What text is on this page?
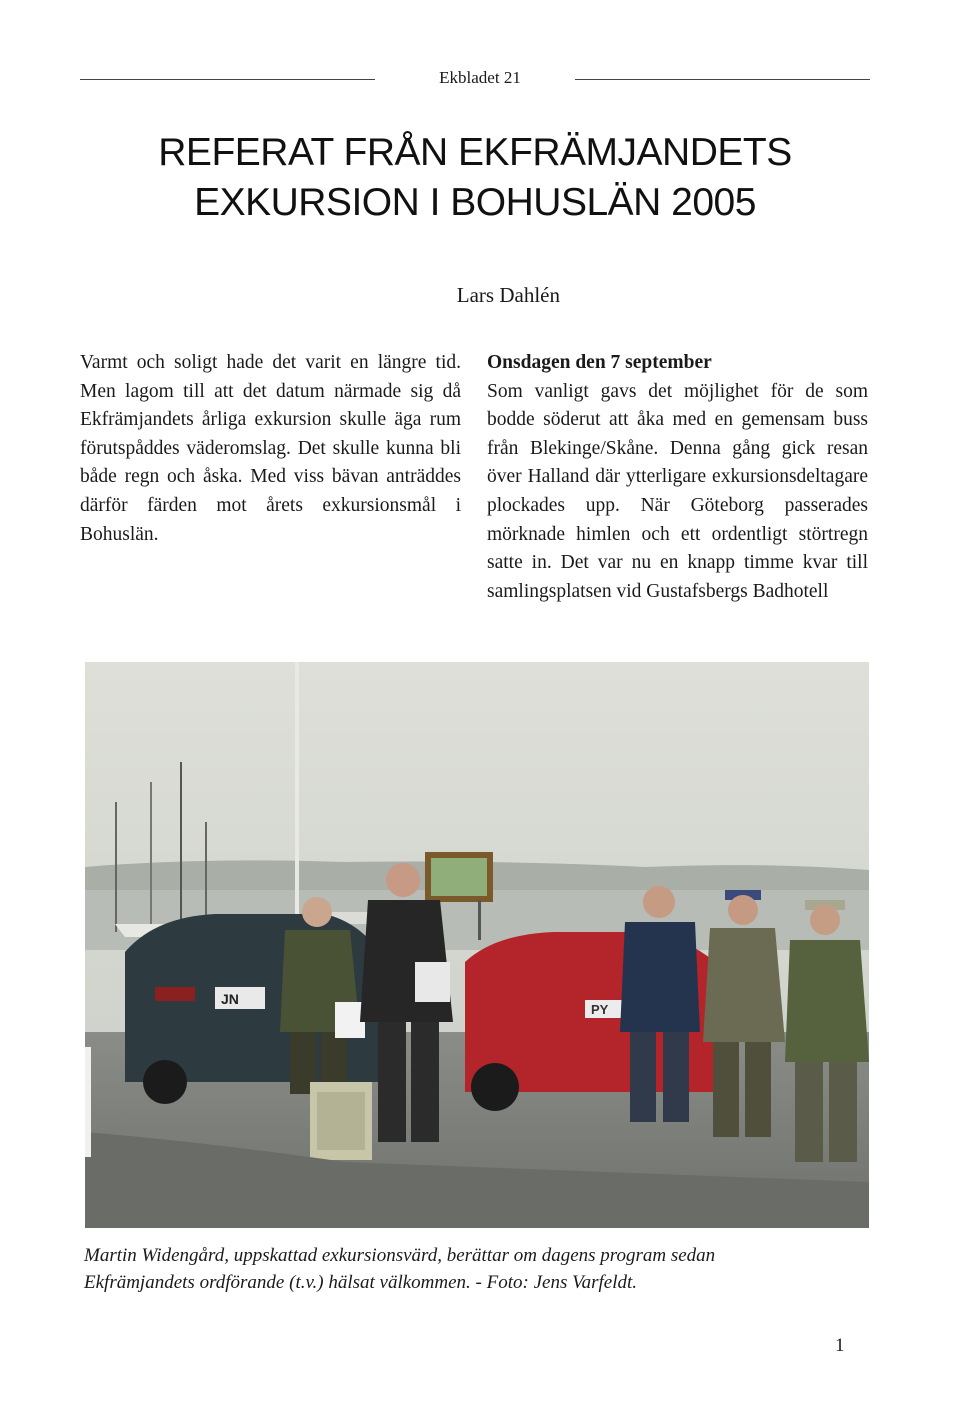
Ekbladet 21
REFERAT FRÅN EKFRÄMJANDETS
EXKURSION I BOHUSLÄN 2005
Lars Dahlén

Varmt och soligt hade det varit en längre tid. Men lagom till att det datum närmade sig då Ekfrämjandets årliga exkursion skulle äga rum förutspåddes väderomslag. Det skulle kunna bli både regn och åska. Med viss bävan anträddes därför färden mot årets exkursionsmål i Bohuslän.

Onsdagen den 7 september

Som vanligt gavs det möjlighet för de som bodde söderut att åka med en gemensam buss från Blekinge/Skåne. Denna gång gick resan över Halland där ytterligare exkursionsdeltagare plockades upp. När Göteborg passerades mörknade himlen och ett ordentligt störtregn satte in. Det var nu en knapp timme kvar till samlingsplatsen vid Gustafsbergs Badhotell

JN
PY
Martin Widengård, uppskattad exkursionsvärd, berättar om dagens program sedan
Ekfrämjandets ordförande (t.v.) hälsat välkommen. - Foto: Jens Varfeldt.
1
